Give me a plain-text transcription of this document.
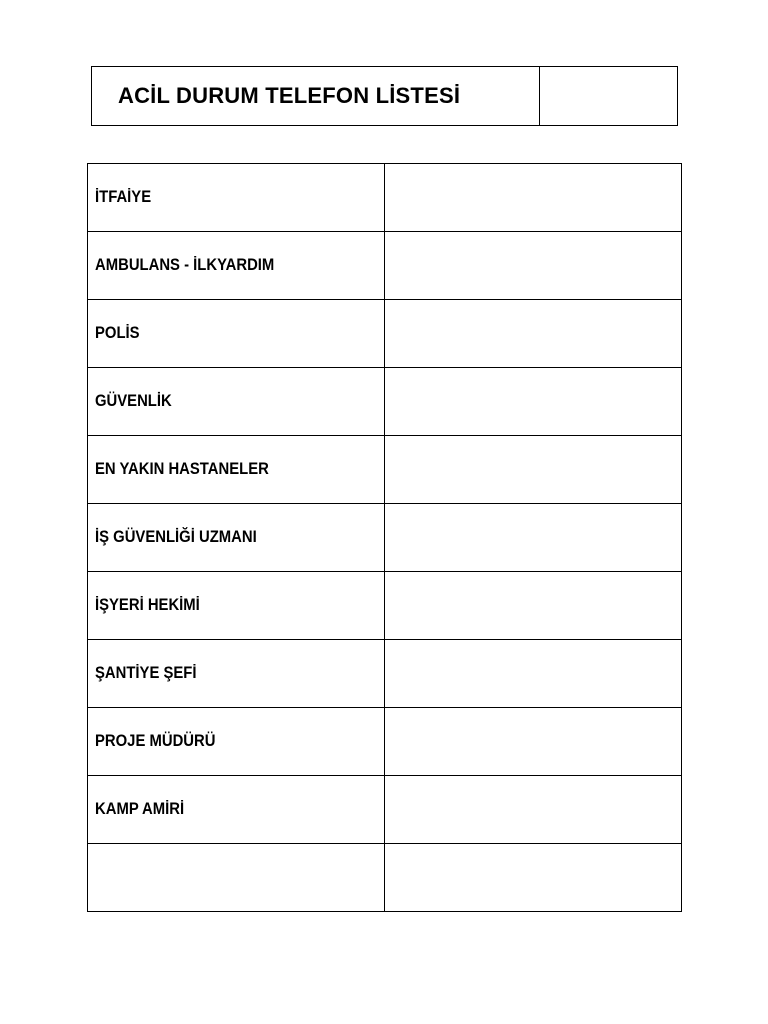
ACİL DURUM TELEFON LİSTESİ
İTFAİYE	
AMBULANS - İLKYARDIM	
POLİS	
GÜVENLİK	
EN YAKIN HASTANELER	
İŞ GÜVENLİĞİ UZMANI	
İŞYERİ HEKİMİ	
ŞANTİYE ŞEFİ	
PROJE MÜDÜRÜ	
KAMP AMİRİ	
